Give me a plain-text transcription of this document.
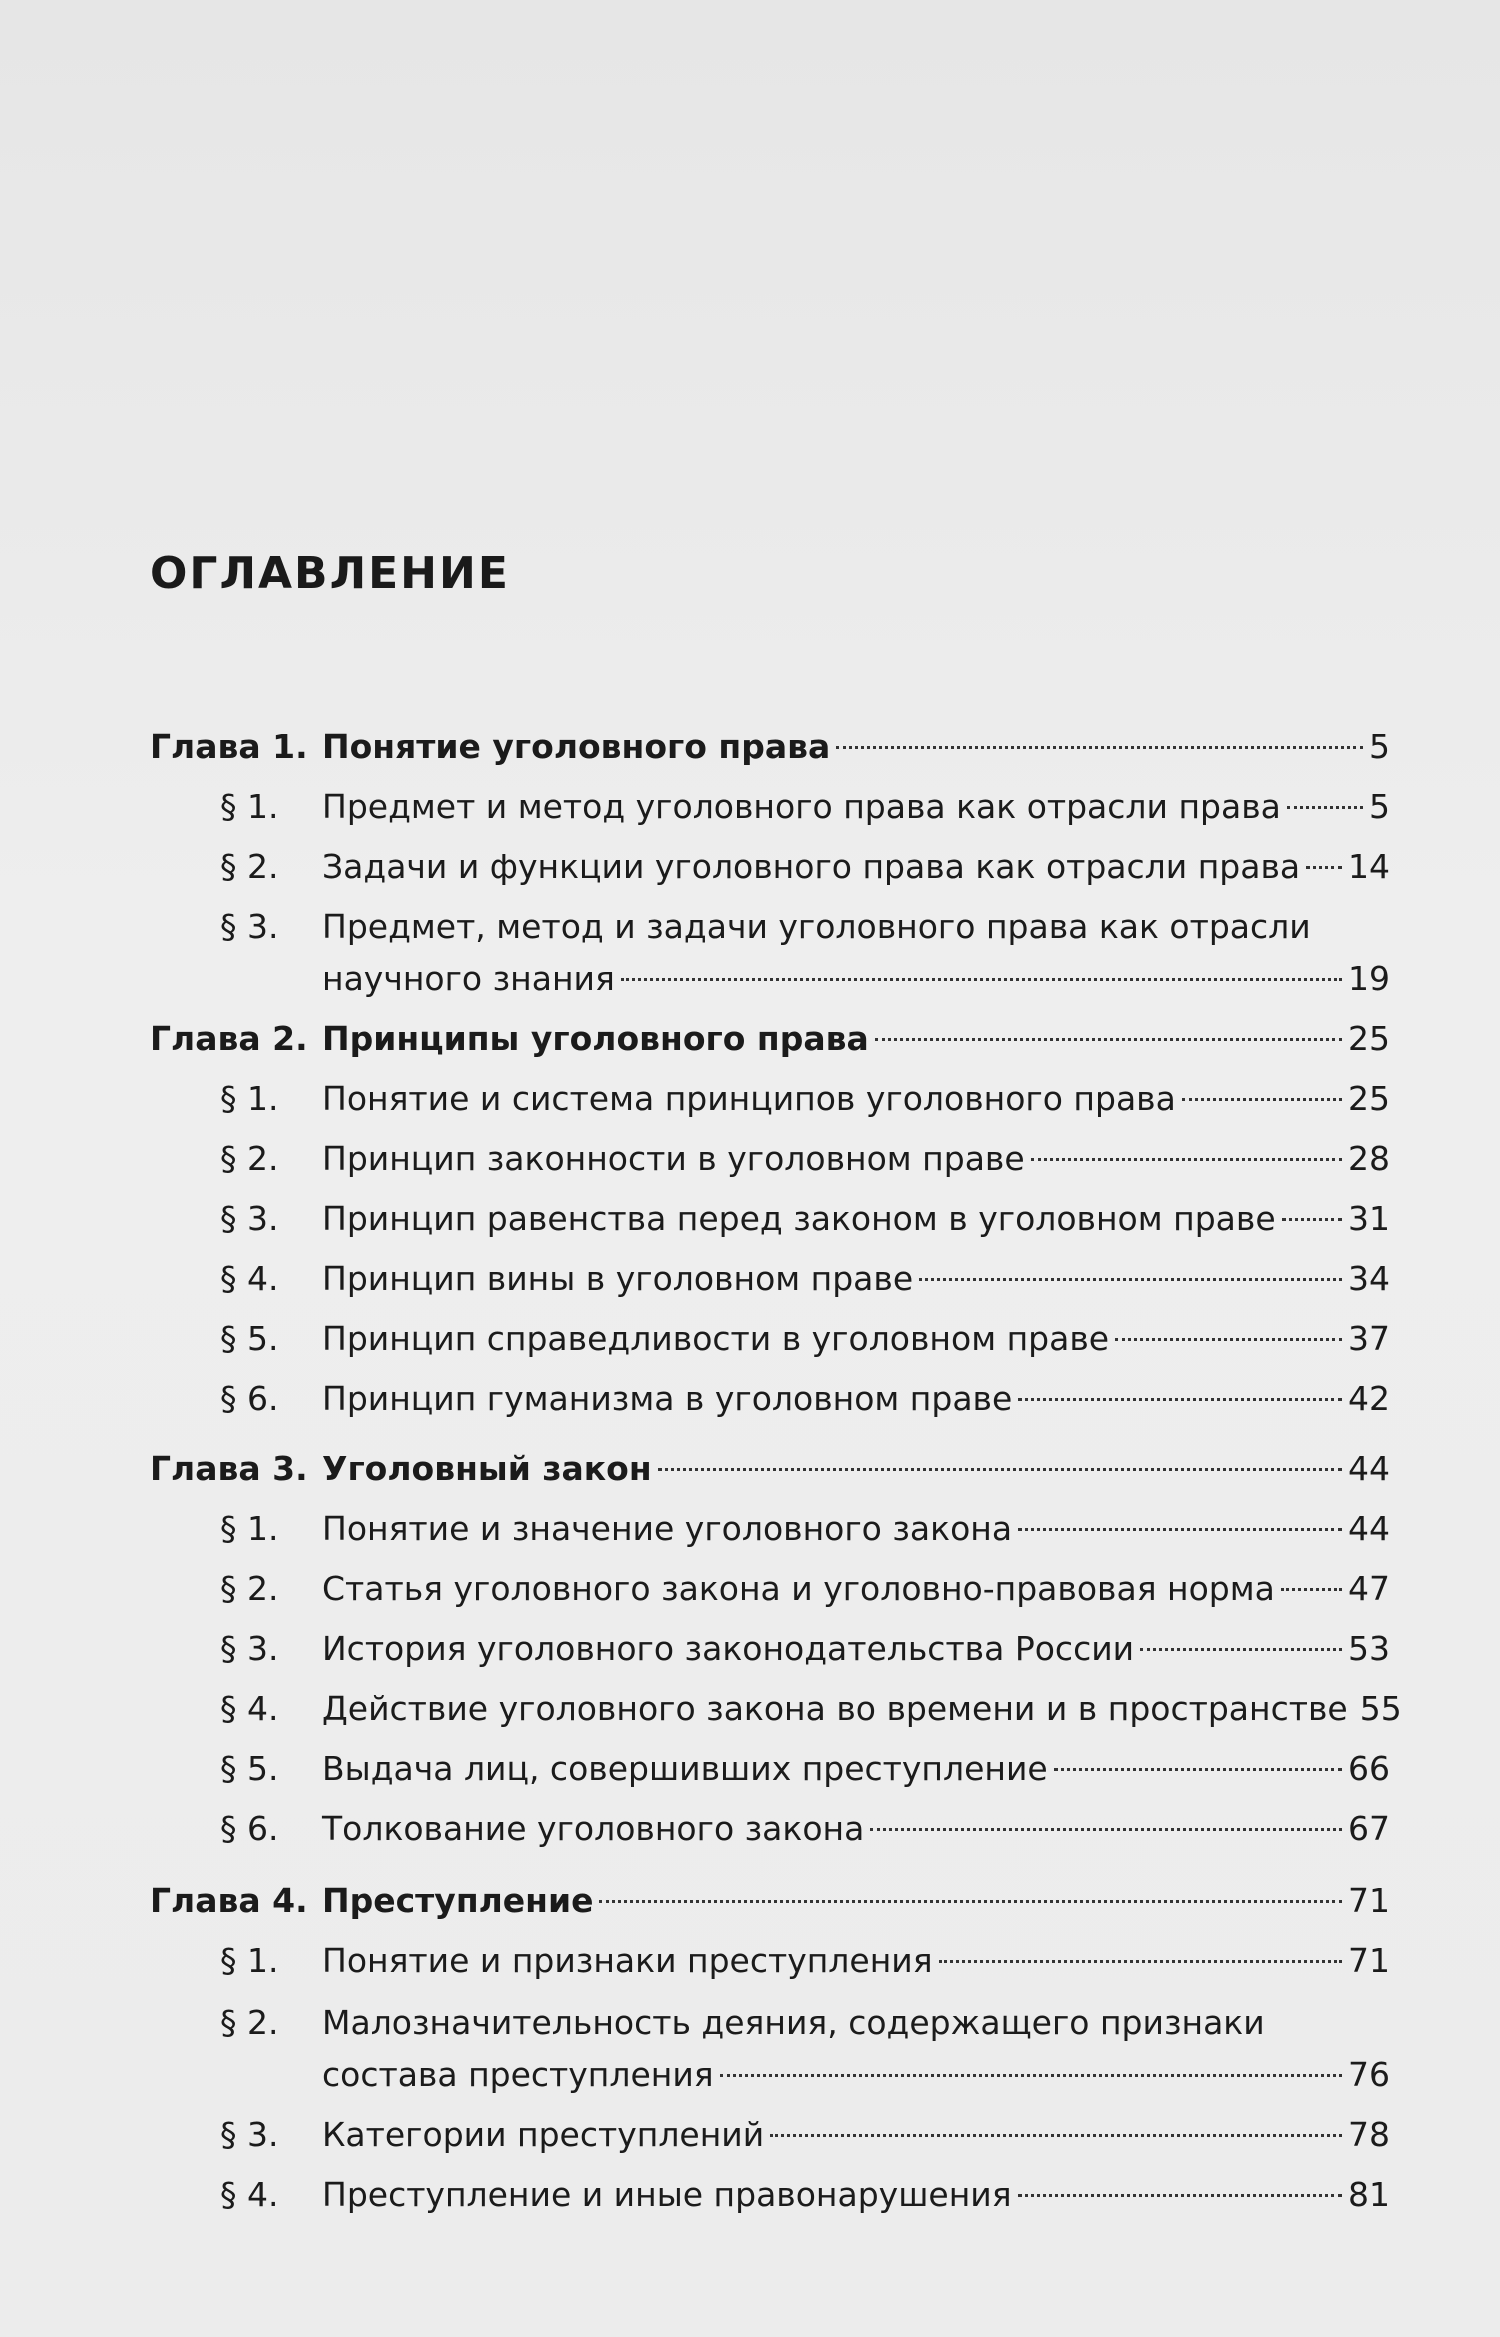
ОГЛАВЛЕНИЕ
Глава 1. Понятие уголовного права	5
§ 1. Предмет и метод уголовного права как отрасли права	5
§ 2. Задачи и функции уголовного права как отрасли права 14
§ 3. Предмет, метод и задачи уголовного права как отрасли
научного знания	19
Глава 2. Принципы уголовного права	25
§ 1. Понятие и система принципов уголовного права	25
§ 2. Принцип законности в уголовном праве	28
§ 3. Принцип равенства перед законом в уголовном праве 31
§ 4. Принцип вины в уголовном праве	34
§ 5. Принцип справедливости в уголовном праве	37
§ 6. Принцип гуманизма в уголовном праве	42
Глава 3. Уголовный закон	44
§ 1. Понятие и значение уголовного закона	44
§ 2. Статья уголовного закона и уголовно-правовая норма 47
§ 3. История уголовного законодательства России	53
§ 4. Действие уголовного закона во времени и в пространстве 55
§ 5. Выдача лиц, совершивших преступление	66
§ 6. Толкование уголовного закона	67
Глава 4. Преступление	71
§ 1. Понятие и признаки преступления	71
§ 2. Малозначительность деяния, содержащего признаки
состава преступления	76
§ 3. Категории преступлений	78
§ 4. Преступление и иные правонарушения	81
